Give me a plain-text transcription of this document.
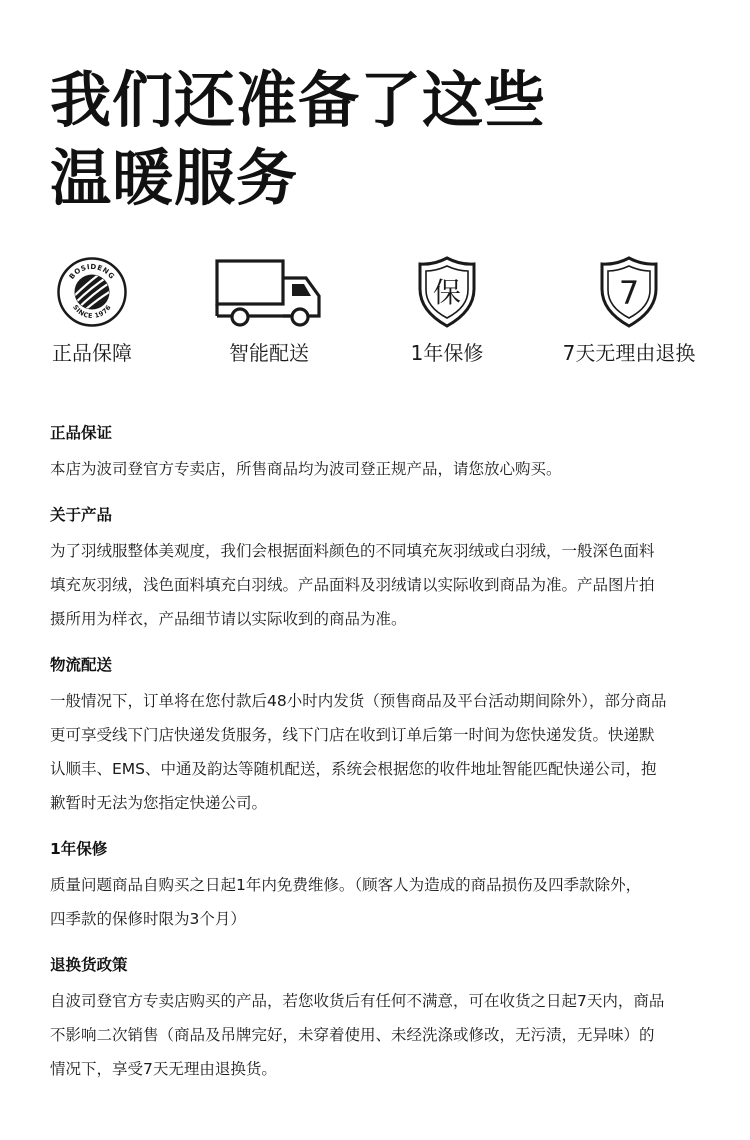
我们还准备了这些
温暖服务
BOSIDENG
SINCE 1976
正品保障	智能配送
保
1年保修
7
7天无理由退换
正品保证
本店为波司登官方专卖店，所售商品均为波司登正规产品，请您放心购买。
关于产品
为了羽绒服整体美观度，我们会根据面料颜色的不同填充灰羽绒或白羽绒，一般深色面料
填充灰羽绒，浅色面料填充白羽绒。产品面料及羽绒请以实际收到商品为准。产品图片拍
摄所用为样衣，产品细节请以实际收到的商品为准。
物流配送
一般情况下，订单将在您付款后48小时内发货（预售商品及平台活动期间除外），部分商品
更可享受线下门店快递发货服务，线下门店在收到订单后第一时间为您快递发货。快递默
认顺丰、EMS、中通及韵达等随机配送，系统会根据您的收件地址智能匹配快递公司，抱
歉暂时无法为您指定快递公司。
1年保修
质量问题商品自购买之日起1年内免费维修。（顾客人为造成的商品损伤及四季款除外，
四季款的保修时限为3个月）
退换货政策
自波司登官方专卖店购买的产品，若您收货后有任何不满意，可在收货之日起7天内，商品
不影响二次销售（商品及吊牌完好，未穿着使用、未经洗涤或修改，无污渍，无异味）的
情况下，享受7天无理由退换货。
